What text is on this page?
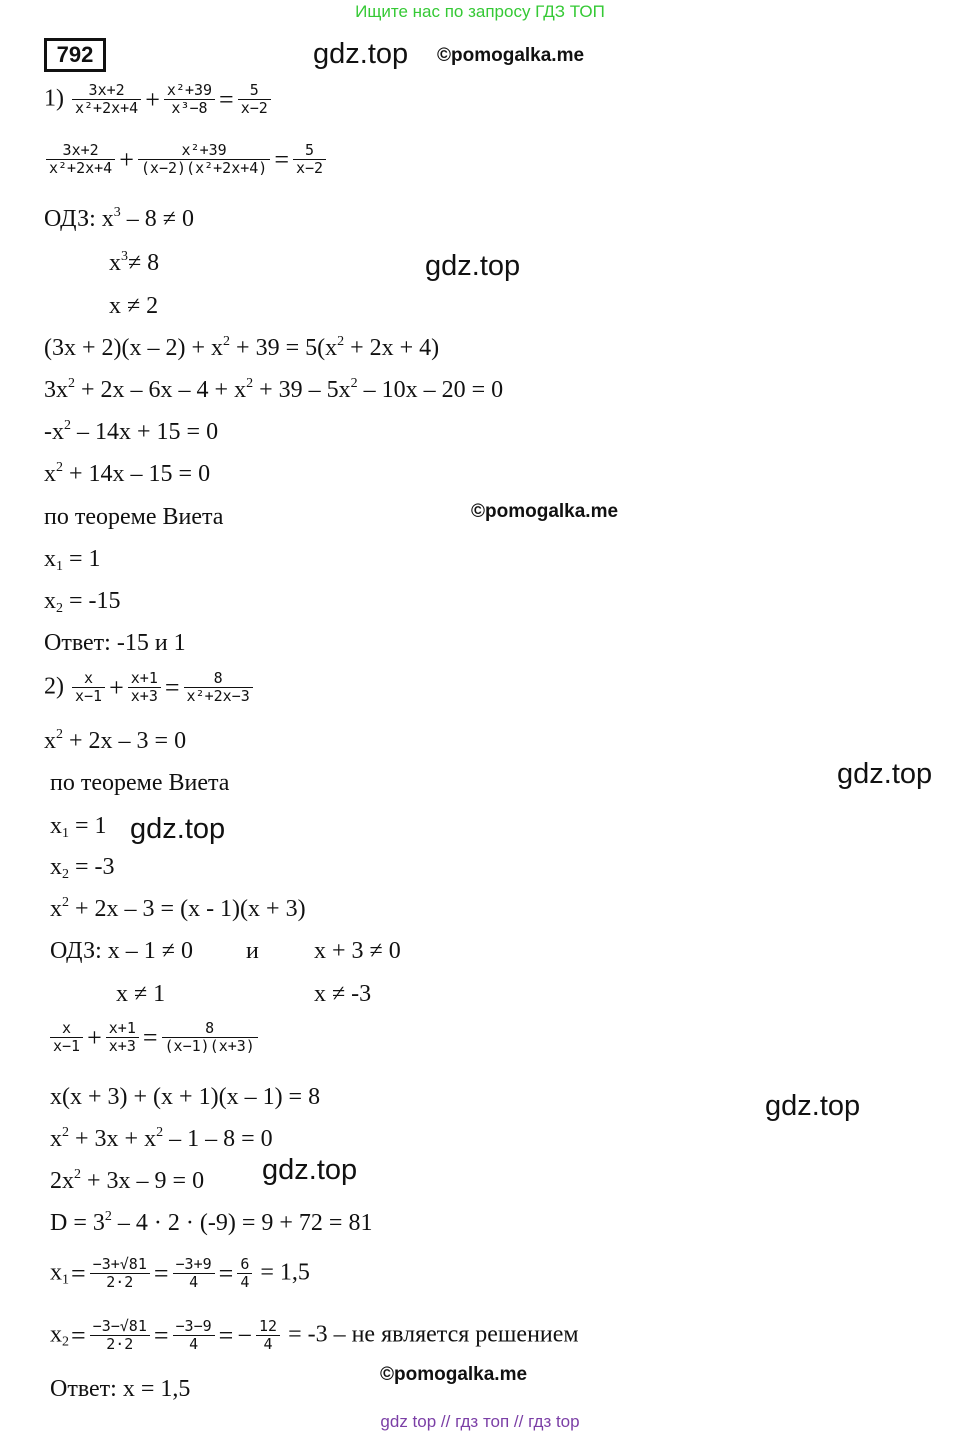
Ищите нас по запросу ГДЗ ТОП
792	gdz.top ©pomogalka.me
gdz.top
©pomogalka.me
gdz.top
gdz.top
gdz.top
gdz.top
©pomogalka.me
$1) \frac{3x+2}{\text{x²+2x+4}} + \frac{\text{x²+39}}{\text{x³−8}} = \frac{5}{x-2}$
$\frac{3x+2}{\text{x²+2x+4}} + \frac{\text{x²+39}}{\text{(x−2)(x²+2x+4)}} = \frac{5}{x-2}$
ОДЗ: $x^3 - 8 \ne 0$
$x^3\ne 8$
x ≠ 2
$(3x + 2)(x - 2) + x^2 + 39 = 5(x^2 + 2x + 4)$
$3x^2 + 2x - 6x - 4 + x^2 + 39 - 5x^2 - 10x - 20 = 0$
$-x^2 - 14x + 15 = 0$
$x^2 + 14x - 15 = 0$
по теореме Виета
$x_1 = 1$
$x_2 = -15$
Ответ: -15 и 1
$2) \frac{x}{x-1} + \frac{x+1}{x+3} = \frac{8}{\text{x²+2x−3}}$
$x^2 + 2x - 3 = 0$
по теореме Виета
$x_1 = 1$
$x_2 = -3$
$x^2 + 2x - 3 = (x - 1)(x + 3)$
ОДЗ: x – 1 ≠ 0 и x + 3 ≠ 0
x ≠ 1	x ≠ -3
$\frac{x}{x-1} + \frac{x+1}{x+3} = \frac{8}{(x-1)(x+3)}$
x(x + 3) + (x + 1)(x – 1) = 8
$x^2 + 3x + x^2 - 1 - 8 = 0$
$2x^2 + 3x - 9 = 0$
$D = 3^2 - 4 \cdot 2 \cdot (-9) = 9 + 72 = 81$
$x_1= \frac{-3+√81}{2\cdot 2} = \frac{-3+9}{4} = \frac{6}{4} = 1,5$
$x_2= \frac{-3-√81}{2\cdot 2} = \frac{-3-9}{4}$ = − $\frac{12}{4} = -3$ – не является решением
Ответ: x = 1,5
gdz top // гдз топ // гдз top
